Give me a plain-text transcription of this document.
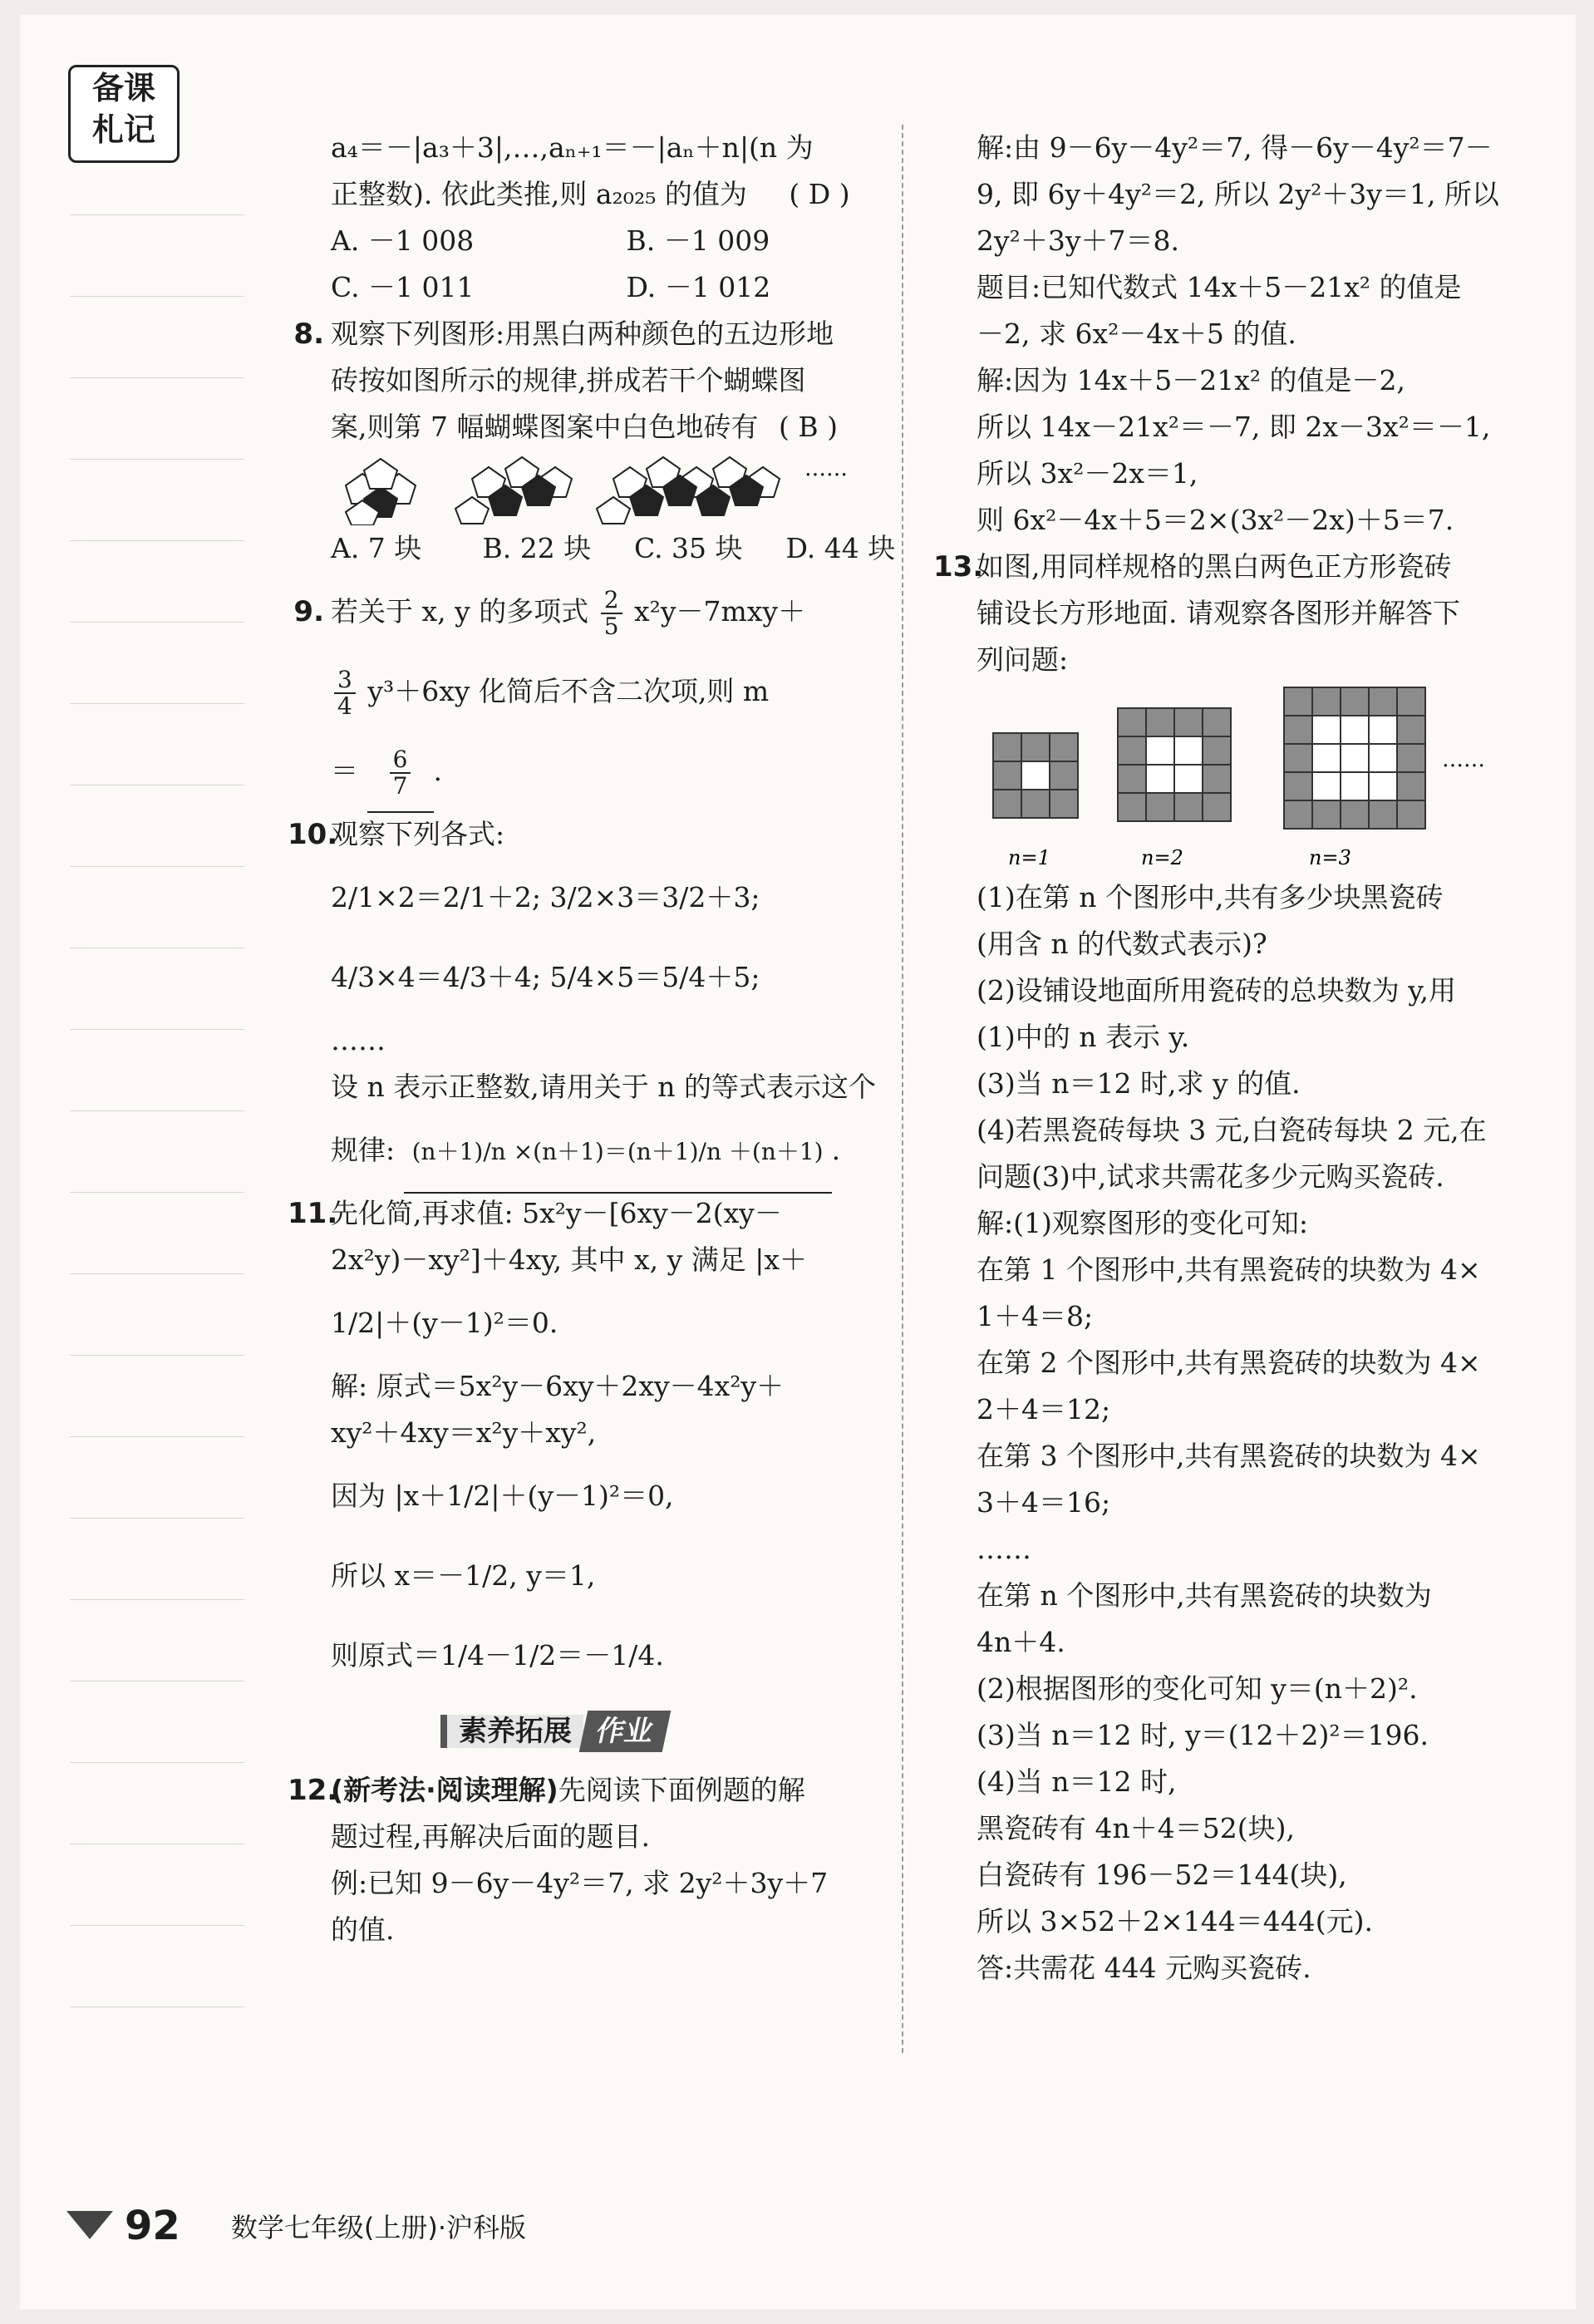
备课
札记	a₄＝－|a₃＋3|,…,aₙ₊₁＝－|aₙ＋n|(n 为
正整数). 依此类推,则 a₂₀₂₅ 的值为 ( D )
A. －1 008	B. －1 009
C. －1 011	D. －1 012
8. 观察下列图形:用黑白两种颜色的五边形地
砖按如图所示的规律,拼成若干个蝴蝶图
案,则第 7 幅蝴蝶图案中白色地砖有 ( B )
……
A. 7 块 B. 22 块 C. 35 块 D. 44 块
9. 若关于 x, y 的多项式 $\frac{2}{5} x^2y-7mxy+$
$\frac{3}{4} y^3+6xy$ 化简后不含二次项,则 m
＝ $\frac{6}{7}$ .
10.观察下列各式:
2/1×2＝2/1＋2; 3/2×3＝3/2＋3;
4/3×4＝4/3＋4; 5/4×5＝5/4＋5;
……
设 n 表示正整数,请用关于 n 的等式表示这个
规律: (n＋1)/n ×(n＋1)＝(n＋1)/n ＋(n＋1) .
11.先化简,再求值: 5x²y－[6xy－2(xy－
2x²y)－xy²]＋4xy, 其中 x, y 满足 |x＋
1/2|＋(y－1)²＝0.
解: 原式＝5x²y－6xy＋2xy－4x²y＋
xy²＋4xy＝x²y＋xy²,
因为 |x＋1/2|＋(y－1)²＝0,
所以 x＝－1/2, y＝1,
则原式＝1/4－1/2＝－1/4.
素养拓展 作业
12.(新考法·阅读理解)先阅读下面例题的解
题过程,再解决后面的题目.
例:已知 9－6y－4y²＝7, 求 2y²＋3y＋7
的值.
解:由 9－6y－4y²＝7, 得－6y－4y²＝7－
9, 即 6y＋4y²＝2, 所以 2y²＋3y＝1, 所以
2y²＋3y＋7＝8.
题目:已知代数式 14x＋5－21x² 的值是
－2, 求 6x²－4x＋5 的值.
解:因为 14x＋5－21x² 的值是－2,
所以 14x－21x²＝－7, 即 2x－3x²＝－1,
所以 3x²－2x＝1,
则 6x²－4x＋5＝2×(3x²－2x)＋5＝7.
13.如图,用同样规格的黑白两色正方形瓷砖
铺设长方形地面. 请观察各图形并解答下
列问题:
n=1	n=2	n=3
……
(1)在第 n 个图形中,共有多少块黑瓷砖
(用含 n 的代数式表示)?
(2)设铺设地面所用瓷砖的总块数为 y,用
(1)中的 n 表示 y.
(3)当 n＝12 时,求 y 的值.
(4)若黑瓷砖每块 3 元,白瓷砖每块 2 元,在
问题(3)中,试求共需花多少元购买瓷砖.
解:(1)观察图形的变化可知:
在第 1 个图形中,共有黑瓷砖的块数为 4×
1＋4＝8;
在第 2 个图形中,共有黑瓷砖的块数为 4×
2＋4＝12;
在第 3 个图形中,共有黑瓷砖的块数为 4×
3＋4＝16;
……
在第 n 个图形中,共有黑瓷砖的块数为
4n＋4.
(2)根据图形的变化可知 y＝(n＋2)².
(3)当 n＝12 时, y＝(12＋2)²＝196.
(4)当 n＝12 时,
黑瓷砖有 4n＋4＝52(块),
白瓷砖有 196－52＝144(块),
所以 3×52＋2×144＝444(元).
答:共需花 444 元购买瓷砖.
92 数学七年级(上册)·沪科版
